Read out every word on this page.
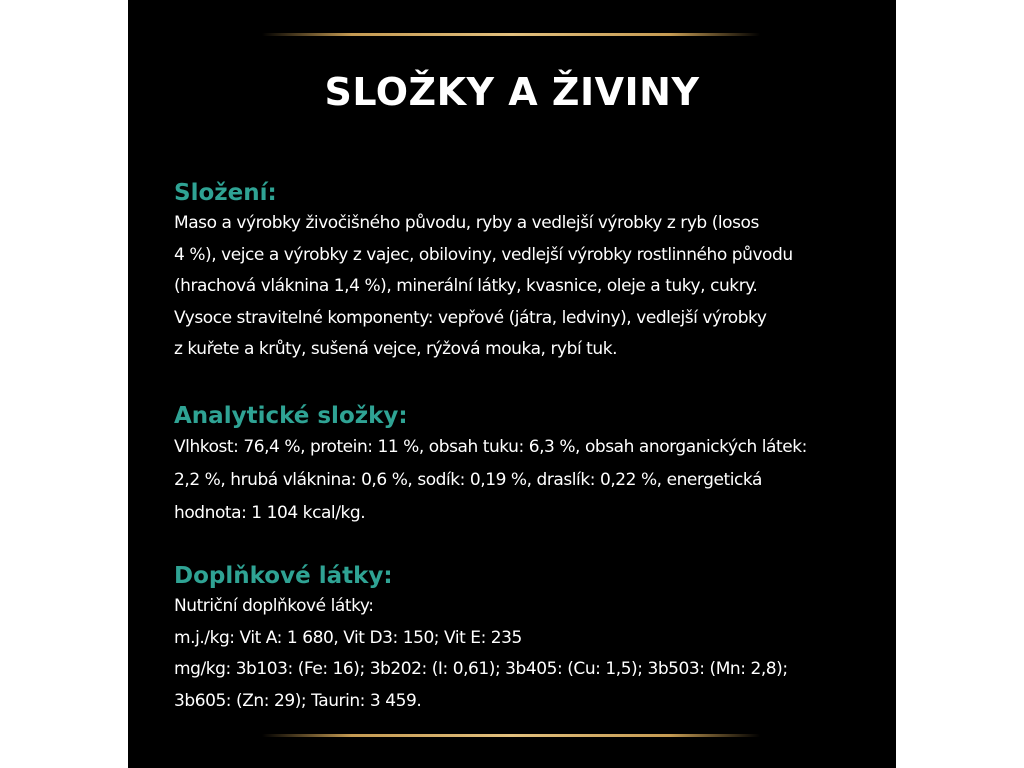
SLOŽKY A ŽIVINY
Složení:
Maso a výrobky živočišného původu, ryby a vedlejší výrobky z ryb (losos
4 %), vejce a výrobky z vajec, obiloviny, vedlejší výrobky rostlinného původu
(hrachová vláknina 1,4 %), minerální látky, kvasnice, oleje a tuky, cukry.
Vysoce stravitelné komponenty: vepřové (játra, ledviny), vedlejší výrobky
z kuřete a krůty, sušená vejce, rýžová mouka, rybí tuk.
Analytické složky:
Vlhkost: 76,4 %, protein: 11 %, obsah tuku: 6,3 %, obsah anorganických látek:
2,2 %, hrubá vláknina: 0,6 %, sodík: 0,19 %, draslík: 0,22 %, energetická
hodnota: 1 104 kcal/kg.
Doplňkové látky:
Nutriční doplňkové látky:
m.j./kg: Vit A: 1 680, Vit D3: 150; Vit E: 235
mg/kg: 3b103: (Fe: 16); 3b202: (I: 0,61); 3b405: (Cu: 1,5); 3b503: (Mn: 2,8);
3b605: (Zn: 29); Taurin: 3 459.
